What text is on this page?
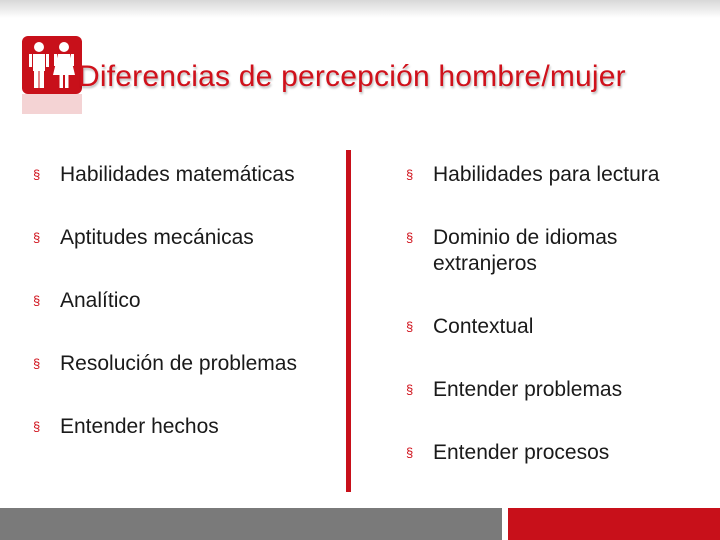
Diferencias de percepción hombre/mujer
§ Habilidades matemáticas
§ Aptitudes mecánicas
§ Analítico
§ Resolución de problemas
§ Entender hechos
§ Habilidades para lectura
§ Dominio de idiomas extranjeros
§ Contextual
§ Entender problemas
§ Entender procesos
